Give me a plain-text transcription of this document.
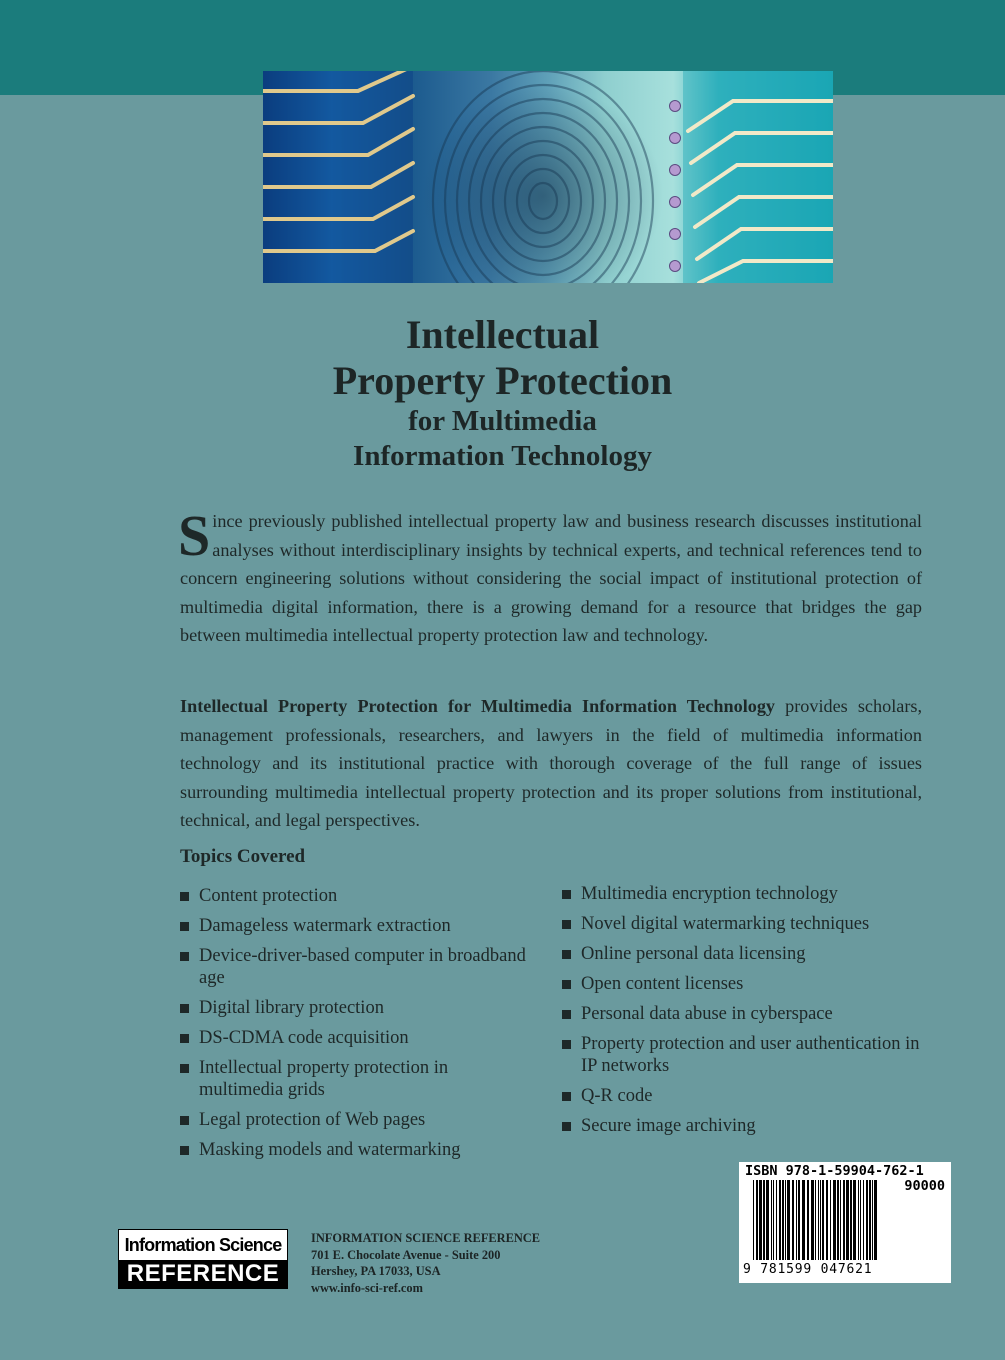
Intellectual
Property Protection
for Multimedia
Information Technology
Since previously published intellectual property law and business research discusses institutional analyses without interdisciplinary insights by technical experts, and technical references tend to concern engineering solutions without considering the social impact of institutional protection of multimedia digital information, there is a growing demand for a resource that bridges the gap between multimedia intellectual property protection law and technology.
Intellectual Property Protection for Multimedia Information Technology provides scholars, management professionals, researchers, and lawyers in the field of multimedia information technology and its institutional practice with thorough coverage of the full range of issues surrounding multimedia intellectual property protection and its proper solutions from institutional, technical, and legal perspectives.
Topics Covered
Content protection
Damageless watermark extraction
Device-driver-based computer in broadband age
Digital library protection
DS-CDMA code acquisition
Intellectual property protection in multimedia grids
Legal protection of Web pages
Masking models and watermarking
Multimedia encryption technology
Novel digital watermarking techniques
Online personal data licensing
Open content licenses
Personal data abuse in cyberspace
Property protection and user authentication in IP networks
Q-R code
Secure image archiving
ISBN 978-1-59904-762-1
90000
9 781599 047621
Information Science
REFERENCE
INFORMATION SCIENCE REFERENCE
701 E. Chocolate Avenue - Suite 200
Hershey, PA 17033, USA
www.info-sci-ref.com
